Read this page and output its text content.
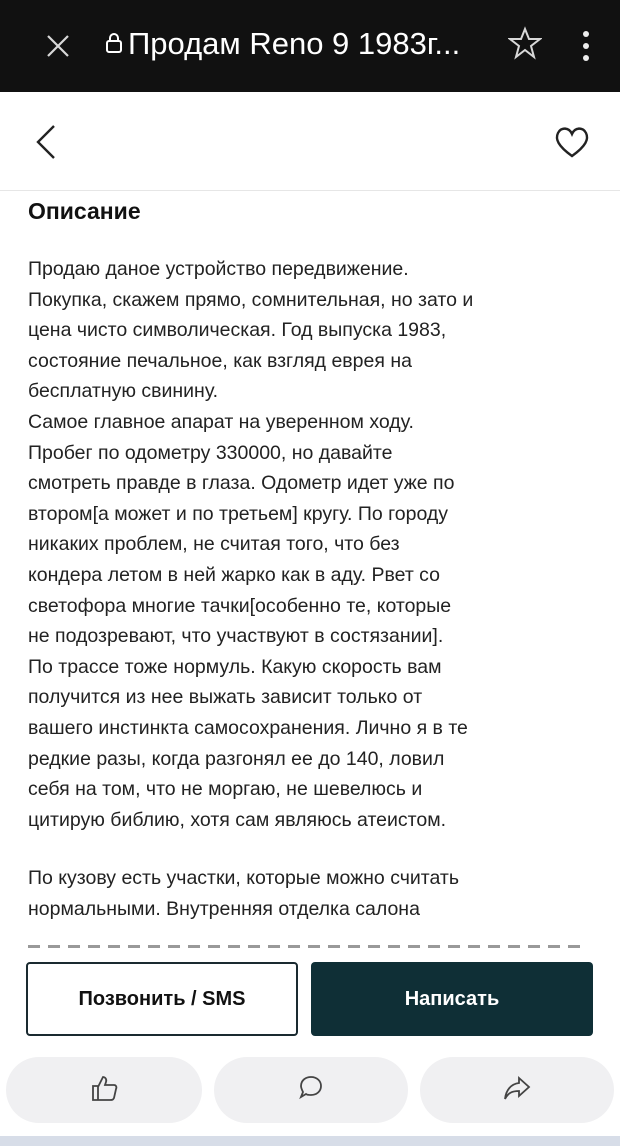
Продам Reno 9 1983г...
Описание

Продаю даное устройство передвижение.
Покупка, скажем прямо, сомнительная, но зато и
цена чисто символическая. Год выпуска 1983,
состояние печальное, как взгляд еврея на
бесплатную свинину.
Самое главное апарат на уверенном ходу.
Пробег по одометру 330000, но давайте
смотреть правде в глаза. Одометр идет уже по
втором[а может и по третьем] кругу. По городу
никаких проблем, не считая того, что без
кондера летом в ней жарко как в аду. Рвет со
светофора многие тачки[особенно те, которые
не подозревают, что участвуют в состязании].
По трассе тоже нормуль. Какую скорость вам
получится из нее выжать зависит только от
вашего инстинкта самосохранения. Лично я в те
редкие разы, когда разгонял ее до 140, ловил
себя на том, что не моргаю, не шевелюсь и
цитирую библию, хотя сам являюсь атеистом.

По кузову есть участки, которые можно считать
нормальными. Внутренняя отделка салона

Позвонить / SMS	Написать
